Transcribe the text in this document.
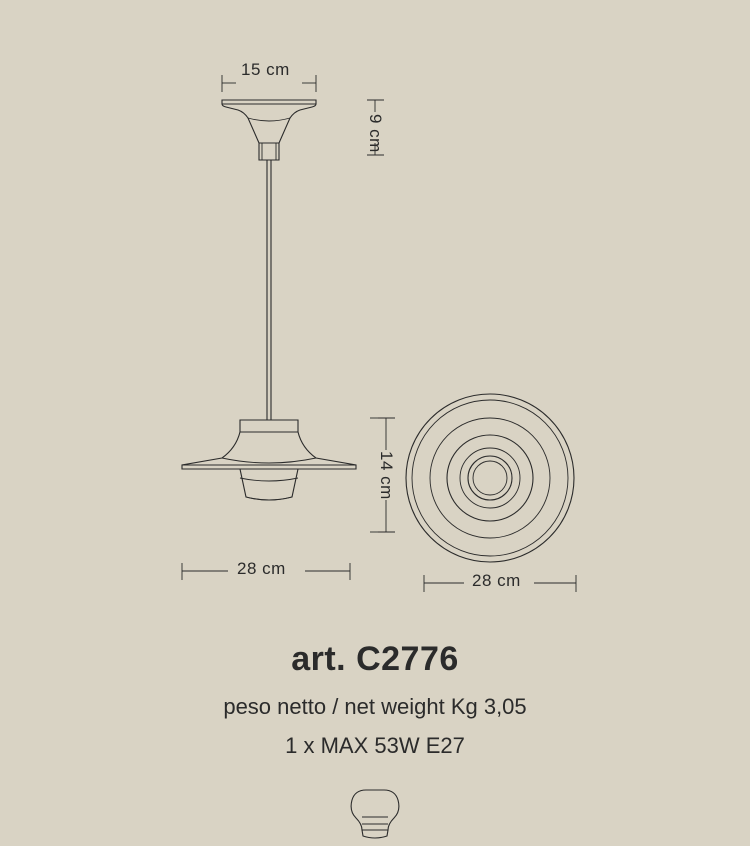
15 cm
9 cm
14 cm
28 cm
28 cm
art. C2776
peso netto / net weight Kg 3,05
1 x MAX 53W E27
